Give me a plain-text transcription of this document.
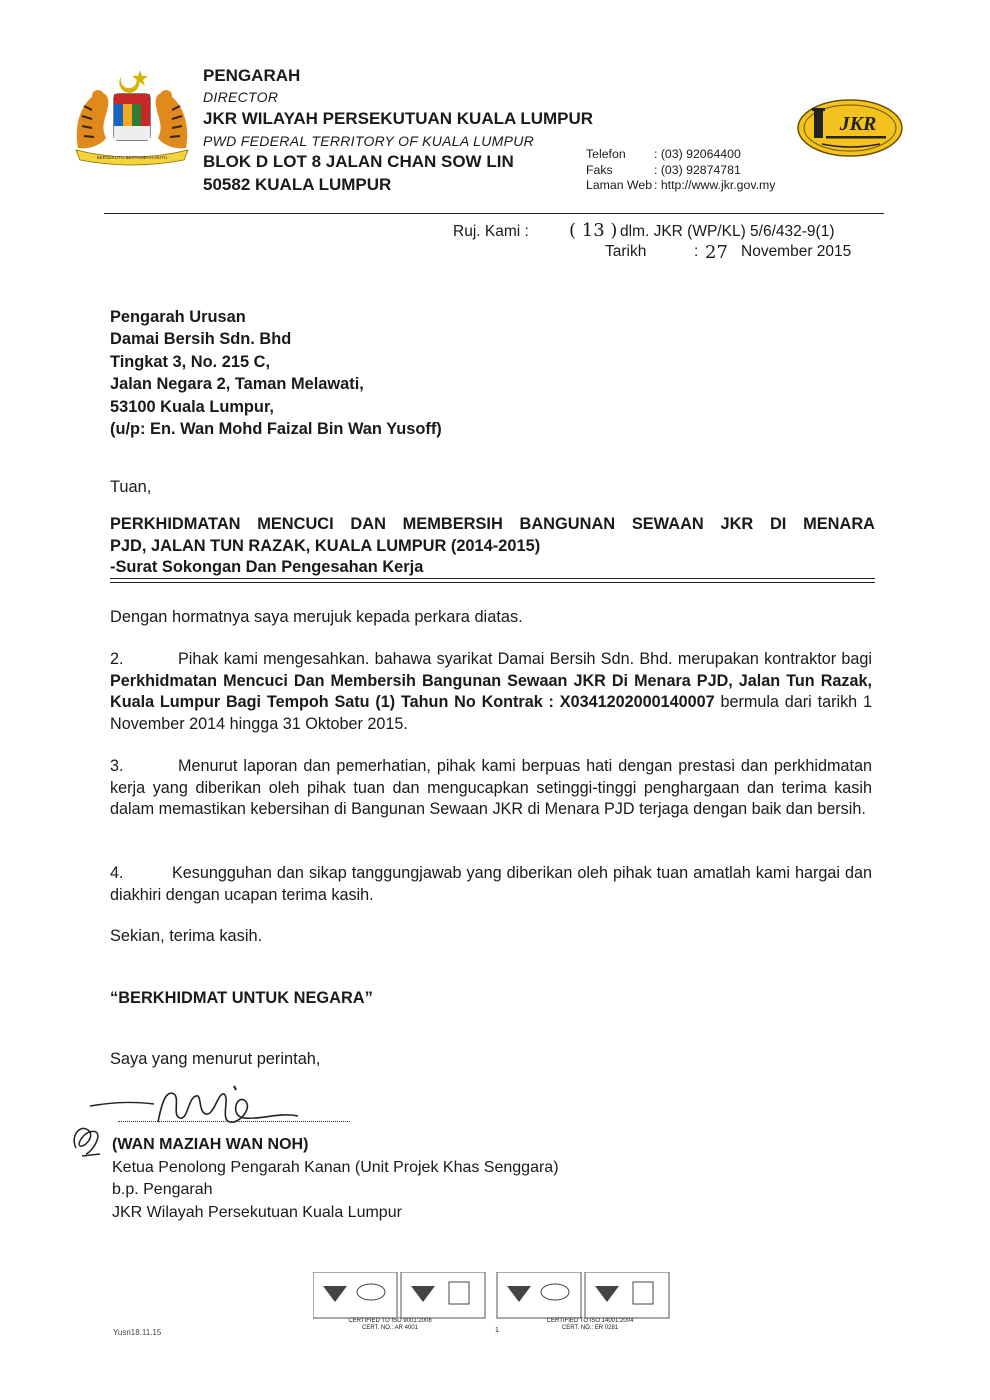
BERSEKUTU BERTAMBAH MUTU
PENGARAH
DIRECTOR
JKR WILAYAH PERSEKUTUAN KUALA LUMPUR
PWD FEDERAL TERRITORY OF KUALA LUMPUR
BLOK D LOT 8 JALAN CHAN SOW LIN
50582 KUALA LUMPUR
Telefon	: (03) 92064400
Faks	: (03) 92874781
Laman Web : http://www.jkr.gov.my
JKR
Ruj. Kami : ( 13 ) dlm. JKR (WP/KL) 5/6/432-9(1)
Tarikh	: 27 November 2015
Pengarah Urusan
Damai Bersih Sdn. Bhd
Tingkat 3, No. 215 C,
Jalan Negara 2, Taman Melawati,
53100 Kuala Lumpur,
(u/p: En. Wan Mohd Faizal Bin Wan Yusoff)
Tuan,
PERKHIDMATAN MENCUCI DAN MEMBERSIH BANGUNAN SEWAAN JKR DI MENARA
PJD, JALAN TUN RAZAK, KUALA LUMPUR (2014-2015)
-Surat Sokongan Dan Pengesahan Kerja
Dengan hormatnya saya merujuk kepada perkara diatas.
2.	Pihak kami mengesahkan. bahawa syarikat Damai Bersih Sdn. Bhd. merupakan kontraktor bagi Perkhidmatan Mencuci Dan Membersih Bangunan Sewaan JKR Di Menara PJD, Jalan Tun Razak, Kuala Lumpur Bagi Tempoh Satu (1) Tahun No Kontrak : X0341202000140007 bermula dari tarikh 1 November 2014 hingga 31 Oktober 2015.
3.	Menurut laporan dan pemerhatian, pihak kami berpuas hati dengan prestasi dan perkhidmatan kerja yang diberikan oleh pihak tuan dan mengucapkan setinggi-tinggi penghargaan dan terima kasih dalam memastikan kebersihan di Bangunan Sewaan JKR di Menara PJD terjaga dengan baik dan bersih.
4.	Kesungguhan dan sikap tanggungjawab yang diberikan oleh pihak tuan amatlah kami hargai dan diakhiri dengan ucapan terima kasih.
Sekian, terima kasih.
“BERKHIDMAT UNTUK NEGARA”
Saya yang menurut perintah,
(WAN MAZIAH WAN NOH)
Ketua Penolong Pengarah Kanan (Unit Projek Khas Senggara)
b.p. Pengarah
JKR Wilayah Persekutuan Kuala Lumpur
CERTIFIED TO ISO 9001:2008
CERT. NO.: AR 4001
CERTIFIED TO ISO 14001:2004
CERT. NO.: ER 0281
1
Yusri18.11.15
